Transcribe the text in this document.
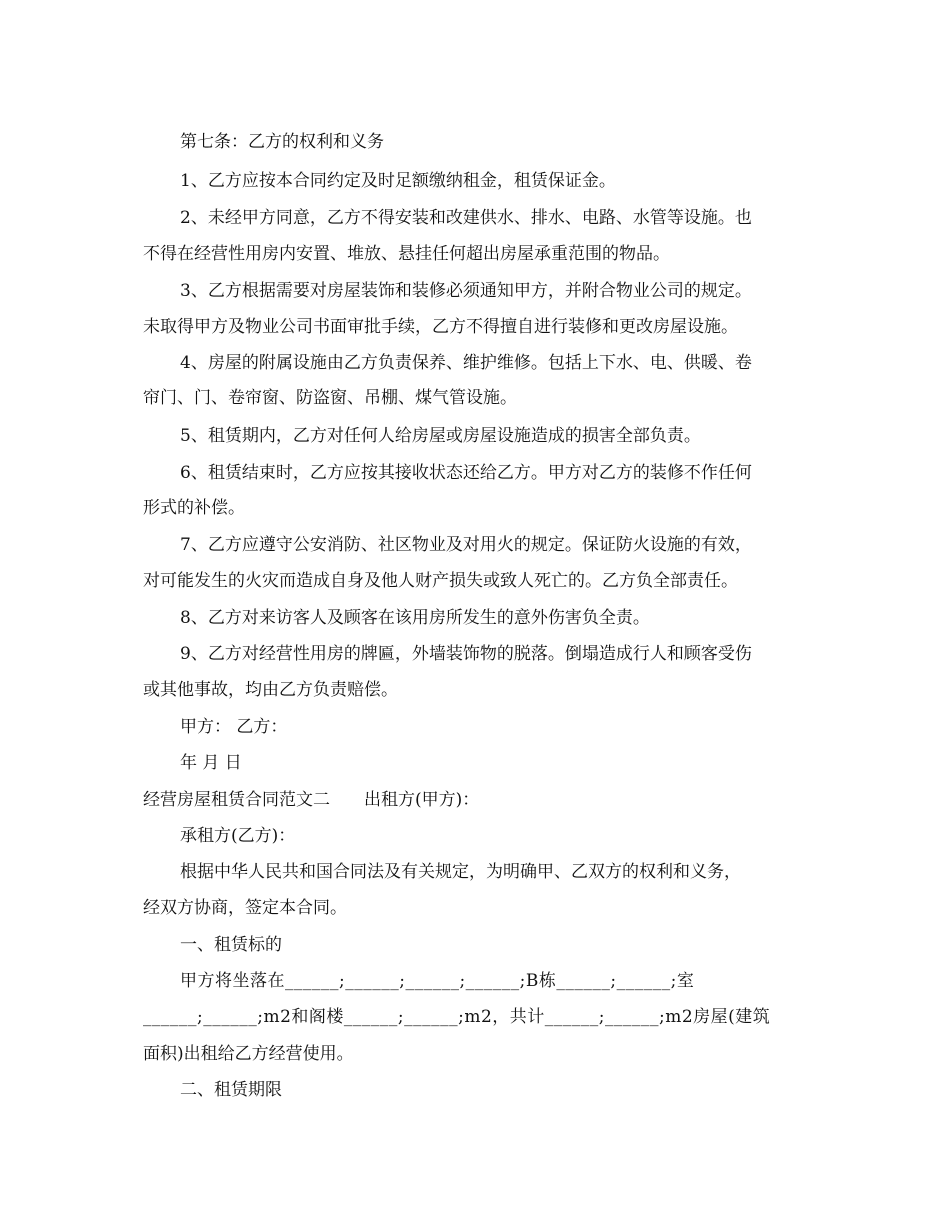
第七条：乙方的权利和义务
1、乙方应按本合同约定及时足额缴纳租金，租赁保证金。
2、未经甲方同意，乙方不得安装和改建供水、排水、电路、水管等设施。也
不得在经营性用房内安置、堆放、悬挂任何超出房屋承重范围的物品。
3、乙方根据需要对房屋装饰和装修必须通知甲方，并附合物业公司的规定。
未取得甲方及物业公司书面审批手续，乙方不得擅自进行装修和更改房屋设施。
4、房屋的附属设施由乙方负责保养、维护维修。包括上下水、电、供暖、卷
帘门、门、卷帘窗、防盗窗、吊棚、煤气管设施。
5、租赁期内，乙方对任何人给房屋或房屋设施造成的损害全部负责。
6、租赁结束时，乙方应按其接收状态还给乙方。甲方对乙方的装修不作任何
形式的补偿。
7、乙方应遵守公安消防、社区物业及对用火的规定。保证防火设施的有效，
对可能发生的火灾而造成自身及他人财产损失或致人死亡的。乙方负全部责任。
8、乙方对来访客人及顾客在该用房所发生的意外伤害负全责。
9、乙方对经营性用房的牌匾，外墙装饰物的脱落。倒塌造成行人和顾客受伤
或其他事故，均由乙方负责赔偿。
甲方： 乙方：
年 月 日
经营房屋租赁合同范文二　　出租方(甲方)：
承租方(乙方)：
根据中华人民共和国合同法及有关规定，为明确甲、乙双方的权利和义务，
经双方协商，签定本合同。
一、租赁标的
甲方将坐落在______;______;______;______;B栋______;______;室
______;______;m2和阁楼______;______;m2，共计______;______;m2房屋(建筑
面积)出租给乙方经营使用。
二、租赁期限
